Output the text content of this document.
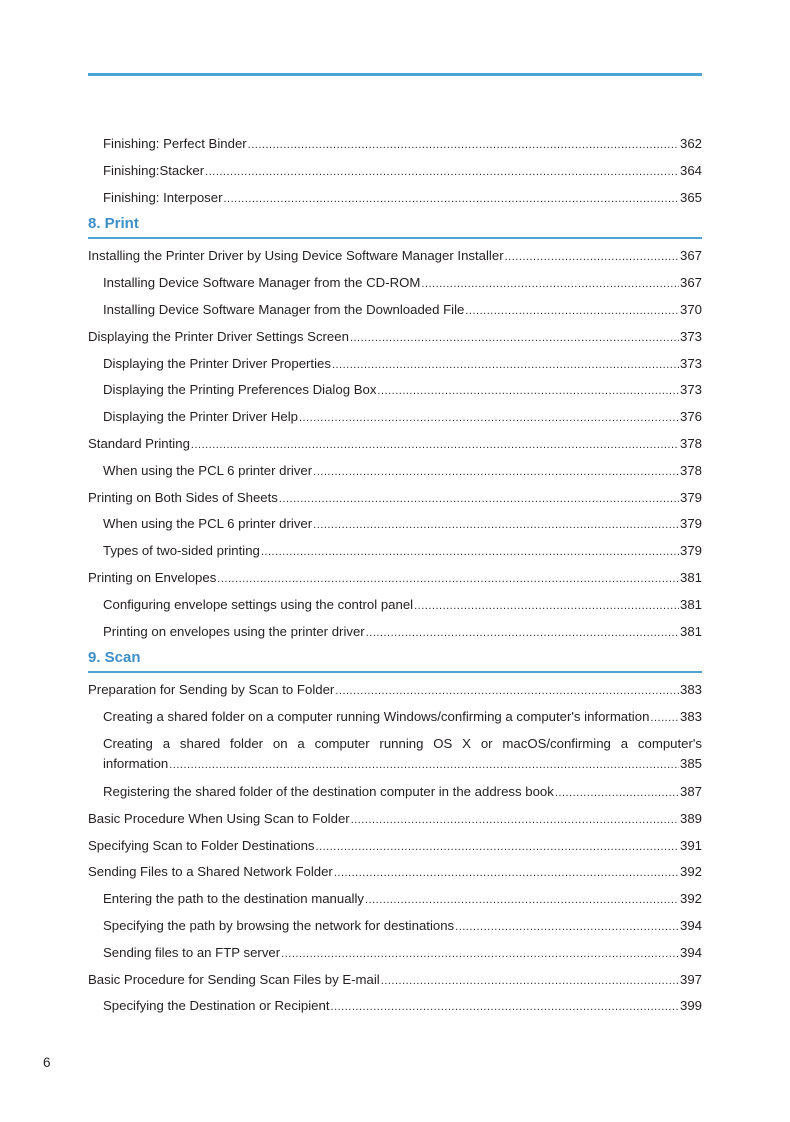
Finishing: Perfect Binder .....	362
Finishing:Stacker .....	364
Finishing: Interposer .....	365
8. Print
Installing the Printer Driver by Using Device Software Manager Installer .....	367
Installing Device Software Manager from the CD-ROM .....	367
Installing Device Software Manager from the Downloaded File .....	370
Displaying the Printer Driver Settings Screen .....	373
Displaying the Printer Driver Properties .....	373
Displaying the Printing Preferences Dialog Box .....	373
Displaying the Printer Driver Help .....	376
Standard Printing .....	378
When using the PCL 6 printer driver .....	378
Printing on Both Sides of Sheets .....	379
When using the PCL 6 printer driver .....	379
Types of two-sided printing .....	379
Printing on Envelopes .....	381
Configuring envelope settings using the control panel .....	381
Printing on envelopes using the printer driver .....	381
9. Scan
Preparation for Sending by Scan to Folder .....	383
Creating a shared folder on a computer running Windows/confirming a computer's information ..... 383
Creating a shared folder on a computer running OS X or macOS/confirming a computer's
information .....	385
Registering the shared folder of the destination computer in the address book .....	387
Basic Procedure When Using Scan to Folder .....	389
Specifying Scan to Folder Destinations .....	391
Sending Files to a Shared Network Folder .....	392
Entering the path to the destination manually .....	392
Specifying the path by browsing the network for destinations .....	394
Sending files to an FTP server .....	394
Basic Procedure for Sending Scan Files by E-mail .....	397
Specifying the Destination or Recipient .....	399
6
